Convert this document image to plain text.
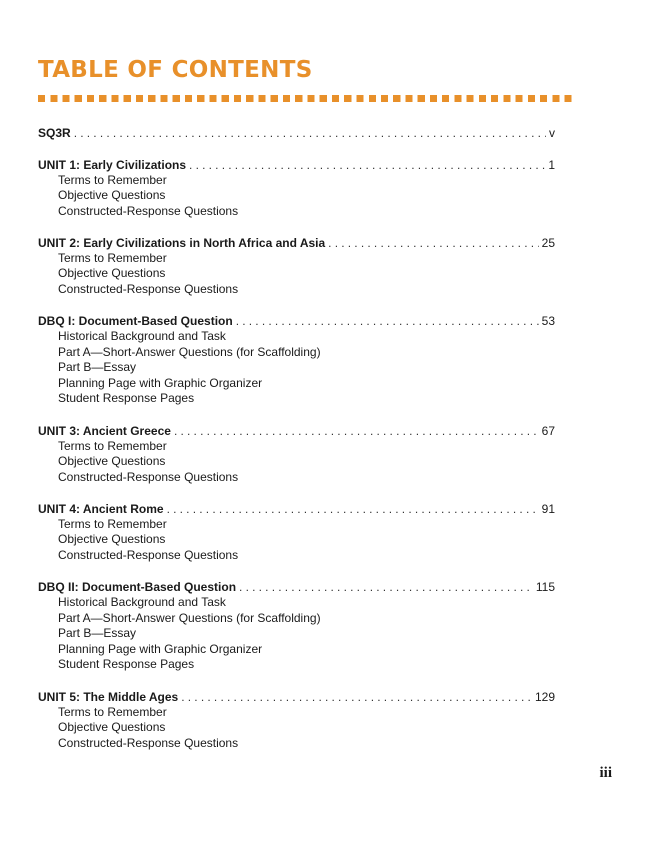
TABLE OF CONTENTS
SQ3R .....	v
UNIT 1: Early Civilizations .....	1
Terms to Remember
Objective Questions
Constructed-Response Questions
UNIT 2: Early Civilizations in North Africa and Asia .....	25
Terms to Remember
Objective Questions
Constructed-Response Questions
DBQ I: Document-Based Question .....	53
Historical Background and Task
Part A—Short-Answer Questions (for Scaffolding)
Part B—Essay
Planning Page with Graphic Organizer
Student Response Pages
UNIT 3: Ancient Greece .....	67
Terms to Remember
Objective Questions
Constructed-Response Questions
UNIT 4: Ancient Rome .....	91
Terms to Remember
Objective Questions
Constructed-Response Questions
DBQ II: Document-Based Question .....	115
Historical Background and Task
Part A—Short-Answer Questions (for Scaffolding)
Part B—Essay
Planning Page with Graphic Organizer
Student Response Pages
UNIT 5: The Middle Ages .....	129
Terms to Remember
Objective Questions
Constructed-Response Questions
iii
